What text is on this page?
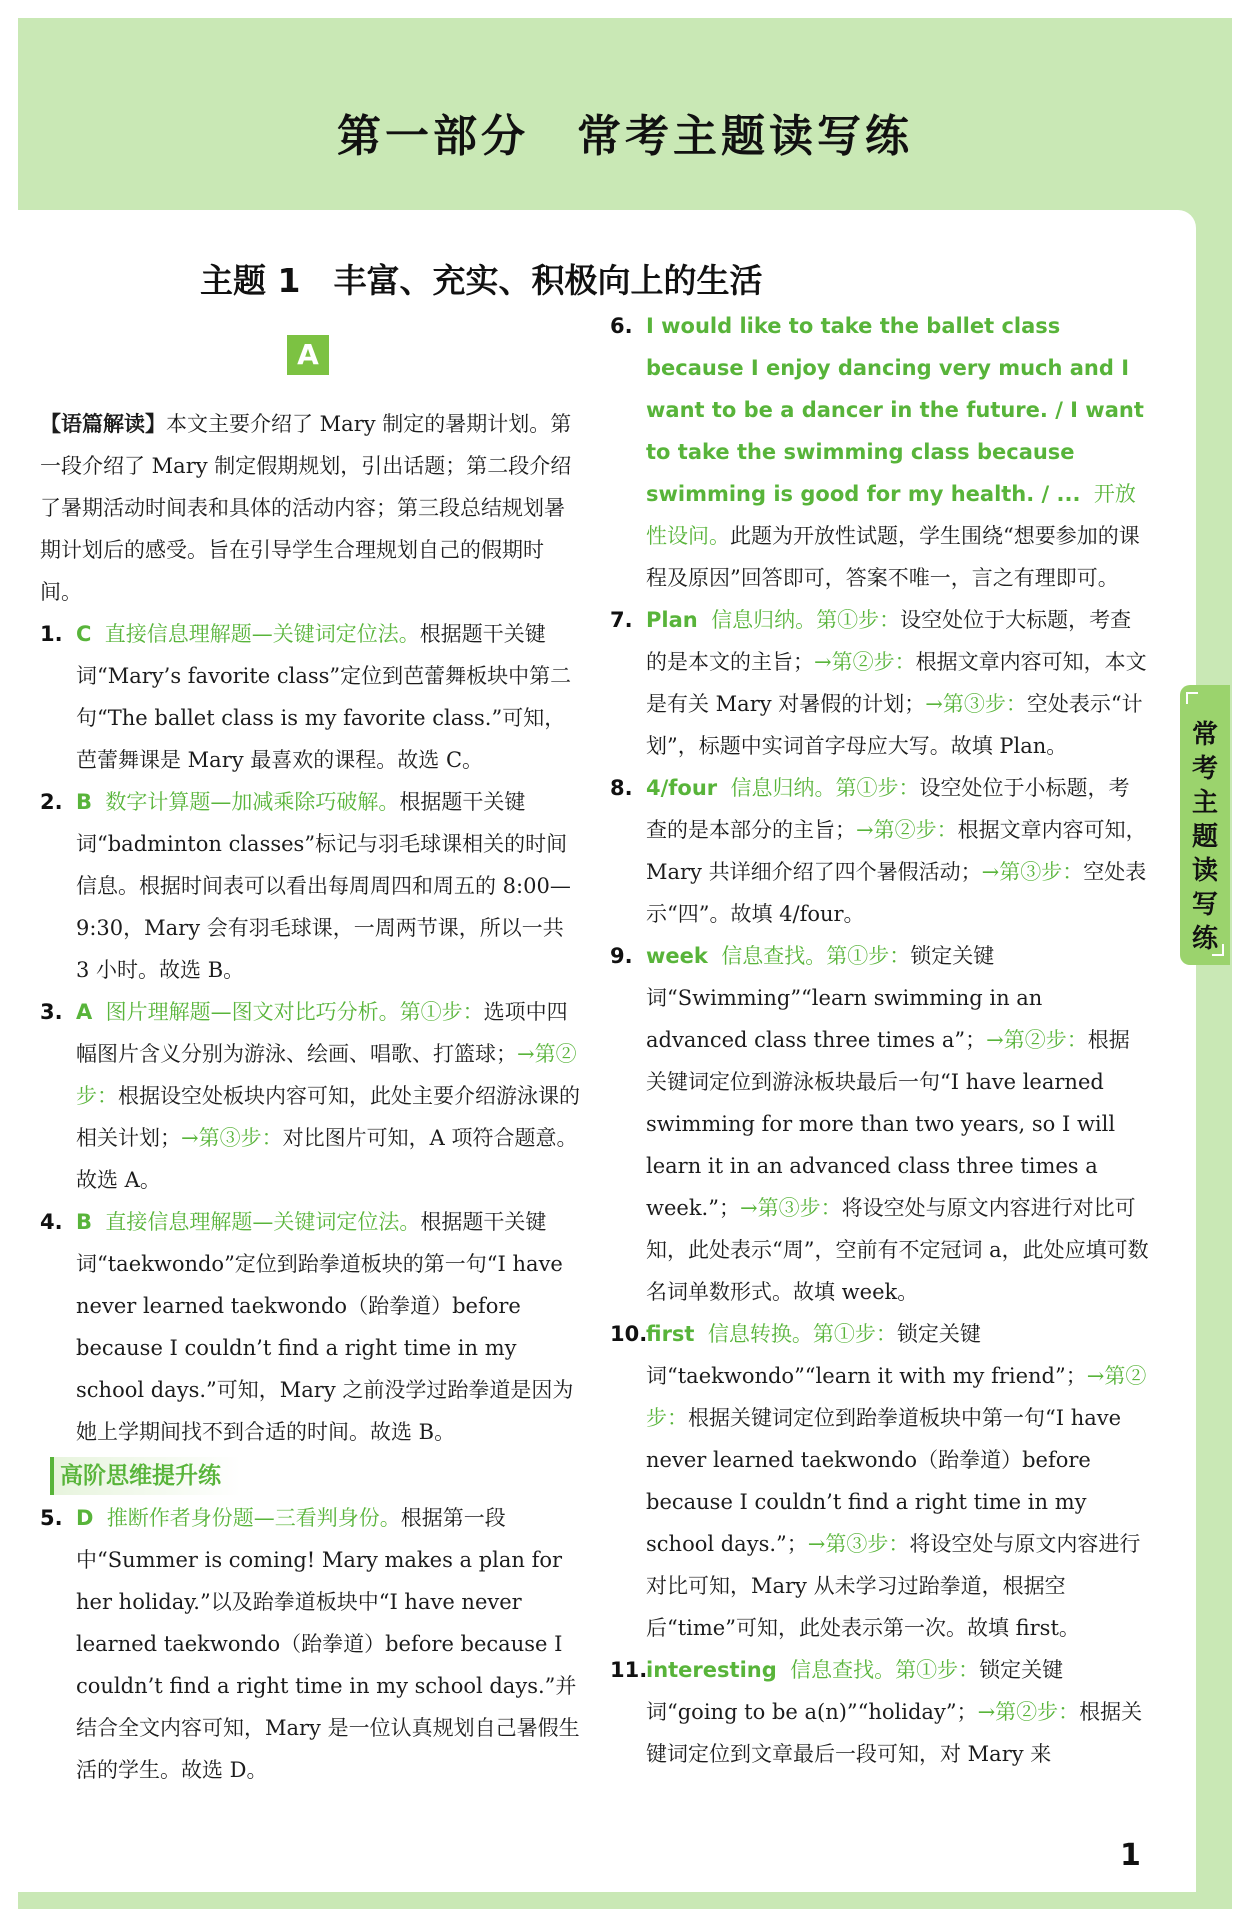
第一部分　常考主题读写练
主题 1　丰富、充实、积极向上的生活
A

【语篇解读】本文主要介绍了 Mary 制定的暑期计划。第一段介绍了 Mary 制定假期规划，引出话题；第二段介绍了暑期活动时间表和具体的活动内容；第三段总结规划暑期计划后的感受。旨在引导学生合理规划自己的假期时间。

1. C 直接信息理解题—关键词定位法。根据题干关键词“Mary’s favorite class”定位到芭蕾舞板块中第二句“The ballet class is my favorite class.”可知，芭蕾舞课是 Mary 最喜欢的课程。故选 C。
2. B 数字计算题—加减乘除巧破解。根据题干关键词“badminton classes”标记与羽毛球课相关的时间信息。根据时间表可以看出每周周四和周五的 8:00—9:30，Mary 会有羽毛球课，一周两节课，所以一共 3 小时。故选 B。
3. A 图片理解题—图文对比巧分析。第①步：选项中四幅图片含义分别为游泳、绘画、唱歌、打篮球；→第②步：根据设空处板块内容可知，此处主要介绍游泳课的相关计划；→第③步：对比图片可知，A 项符合题意。故选 A。
4. B 直接信息理解题—关键词定位法。根据题干关键词“taekwondo”定位到跆拳道板块的第一句“I have never learned taekwondo（跆拳道）before because I couldn’t find a right time in my school days.”可知，Mary 之前没学过跆拳道是因为她上学期间找不到合适的时间。故选 B。
高阶思维提升练
5. D 推断作者身份题—三看判身份。根据第一段中“Summer is coming! Mary makes a plan for her holiday.”以及跆拳道板块中“I have never learned taekwondo（跆拳道）before because I couldn’t find a right time in my school days.”并结合全文内容可知，Mary 是一位认真规划自己暑假生活的学生。故选 D。
6. I would like to take the ballet class because I enjoy dancing very much and I want to be a dancer in the future. / I want to take the swimming class because swimming is good for my health. / ... 开放性设问。此题为开放性试题，学生围绕“想要参加的课程及原因”回答即可，答案不唯一，言之有理即可。
7. Plan 信息归纳。第①步：设空处位于大标题，考查的是本文的主旨；→第②步：根据文章内容可知，本文是有关 Mary 对暑假的计划；→第③步：空处表示“计划”，标题中实词首字母应大写。故填 Plan。
8. 4/four 信息归纳。第①步：设空处位于小标题，考查的是本部分的主旨；→第②步：根据文章内容可知，Mary 共详细介绍了四个暑假活动；→第③步：空处表示“四”。故填 4/four。
9. week 信息查找。第①步：锁定关键词“Swimming”“learn swimming in an advanced class three times a”；→第②步：根据关键词定位到游泳板块最后一句“I have learned swimming for more than two years, so I will learn it in an advanced class three times a week.”；→第③步：将设空处与原文内容进行对比可知，此处表示“周”，空前有不定冠词 a，此处应填可数名词单数形式。故填 week。
10.
first 信息转换。第①步：锁定关键词“taekwondo”“learn it with my friend”；→第②步：根据关键词定位到跆拳道板块中第一句“I have never learned taekwondo（跆拳道）before because I couldn’t find a right time in my school days.”；→第③步：将设空处与原文内容进行对比可知，Mary 从未学习过跆拳道，根据空后“time”可知，此处表示第一次。故填 first。
11.
interesting 信息查找。第①步：锁定关键词“going to be a(n)”“holiday”；→第②步：根据关键词定位到文章最后一段可知，对 Mary 来
常考主题读写练
1
